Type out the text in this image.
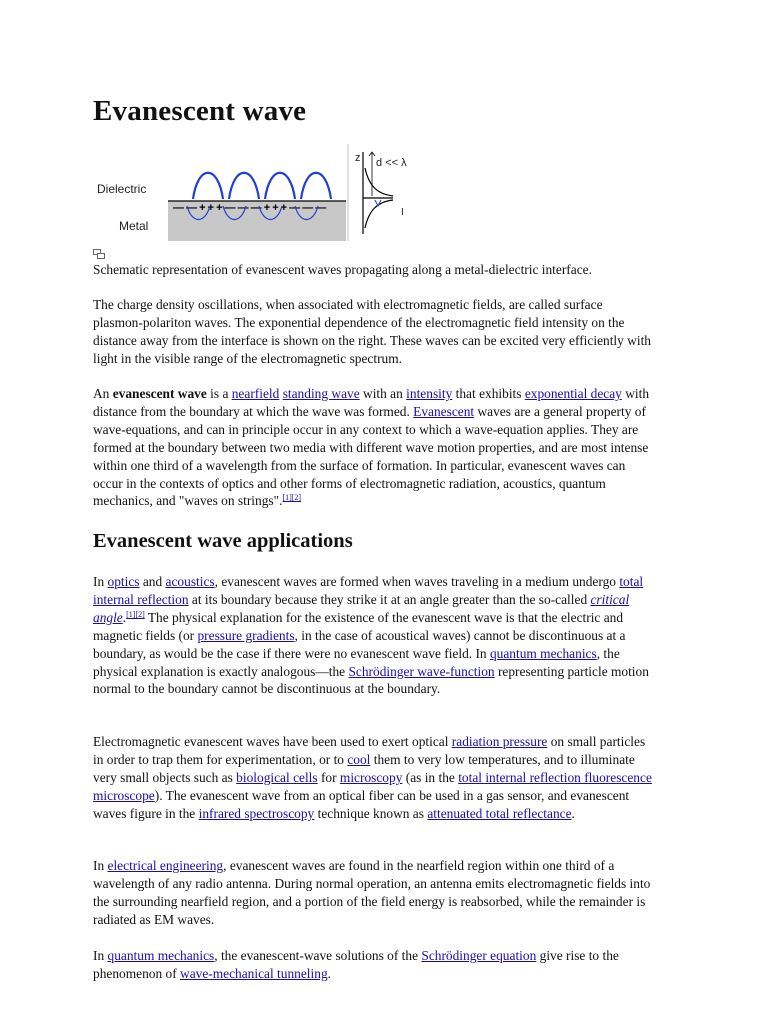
Evanescent wave
Dielectric
Metal
— — + + + — — — + + + — — —
z d << λ
I
Schematic representation of evanescent waves propagating along a metal-dielectric interface.

The charge density oscillations, when associated with electromagnetic fields, are called surface plasmon-polariton waves. The exponential dependence of the electromagnetic field intensity on the distance away from the interface is shown on the right. These waves can be excited very efficiently with light in the visible range of the electromagnetic spectrum.

An evanescent wave is a nearfield standing wave with an intensity that exhibits exponential decay with distance from the boundary at which the wave was formed. Evanescent waves are a general property of wave-equations, and can in principle occur in any context to which a wave-equation applies. They are formed at the boundary between two media with different wave motion properties, and are most intense within one third of a wavelength from the surface of formation. In particular, evanescent waves can occur in the contexts of optics and other forms of electromagnetic radiation, acoustics, quantum mechanics, and "waves on strings".[1][2]

Evanescent wave applications

In optics and acoustics, evanescent waves are formed when waves traveling in a medium undergo total internal reflection at its boundary because they strike it at an angle greater than the so-called critical angle.[1][2] The physical explanation for the existence of the evanescent wave is that the electric and magnetic fields (or pressure gradients, in the case of acoustical waves) cannot be discontinuous at a boundary, as would be the case if there were no evanescent wave field. In quantum mechanics, the physical explanation is exactly analogous—the Schrödinger wave-function representing particle motion normal to the boundary cannot be discontinuous at the boundary.

Electromagnetic evanescent waves have been used to exert optical radiation pressure on small particles in order to trap them for experimentation, or to cool them to very low temperatures, and to illuminate very small objects such as biological cells for microscopy (as in the total internal reflection fluorescence microscope). The evanescent wave from an optical fiber can be used in a gas sensor, and evanescent waves figure in the infrared spectroscopy technique known as attenuated total reflectance.

In electrical engineering, evanescent waves are found in the nearfield region within one third of a wavelength of any radio antenna. During normal operation, an antenna emits electromagnetic fields into the surrounding nearfield region, and a portion of the field energy is reabsorbed, while the remainder is radiated as EM waves.

In quantum mechanics, the evanescent-wave solutions of the Schrödinger equation give rise to the phenomenon of wave-mechanical tunneling.
